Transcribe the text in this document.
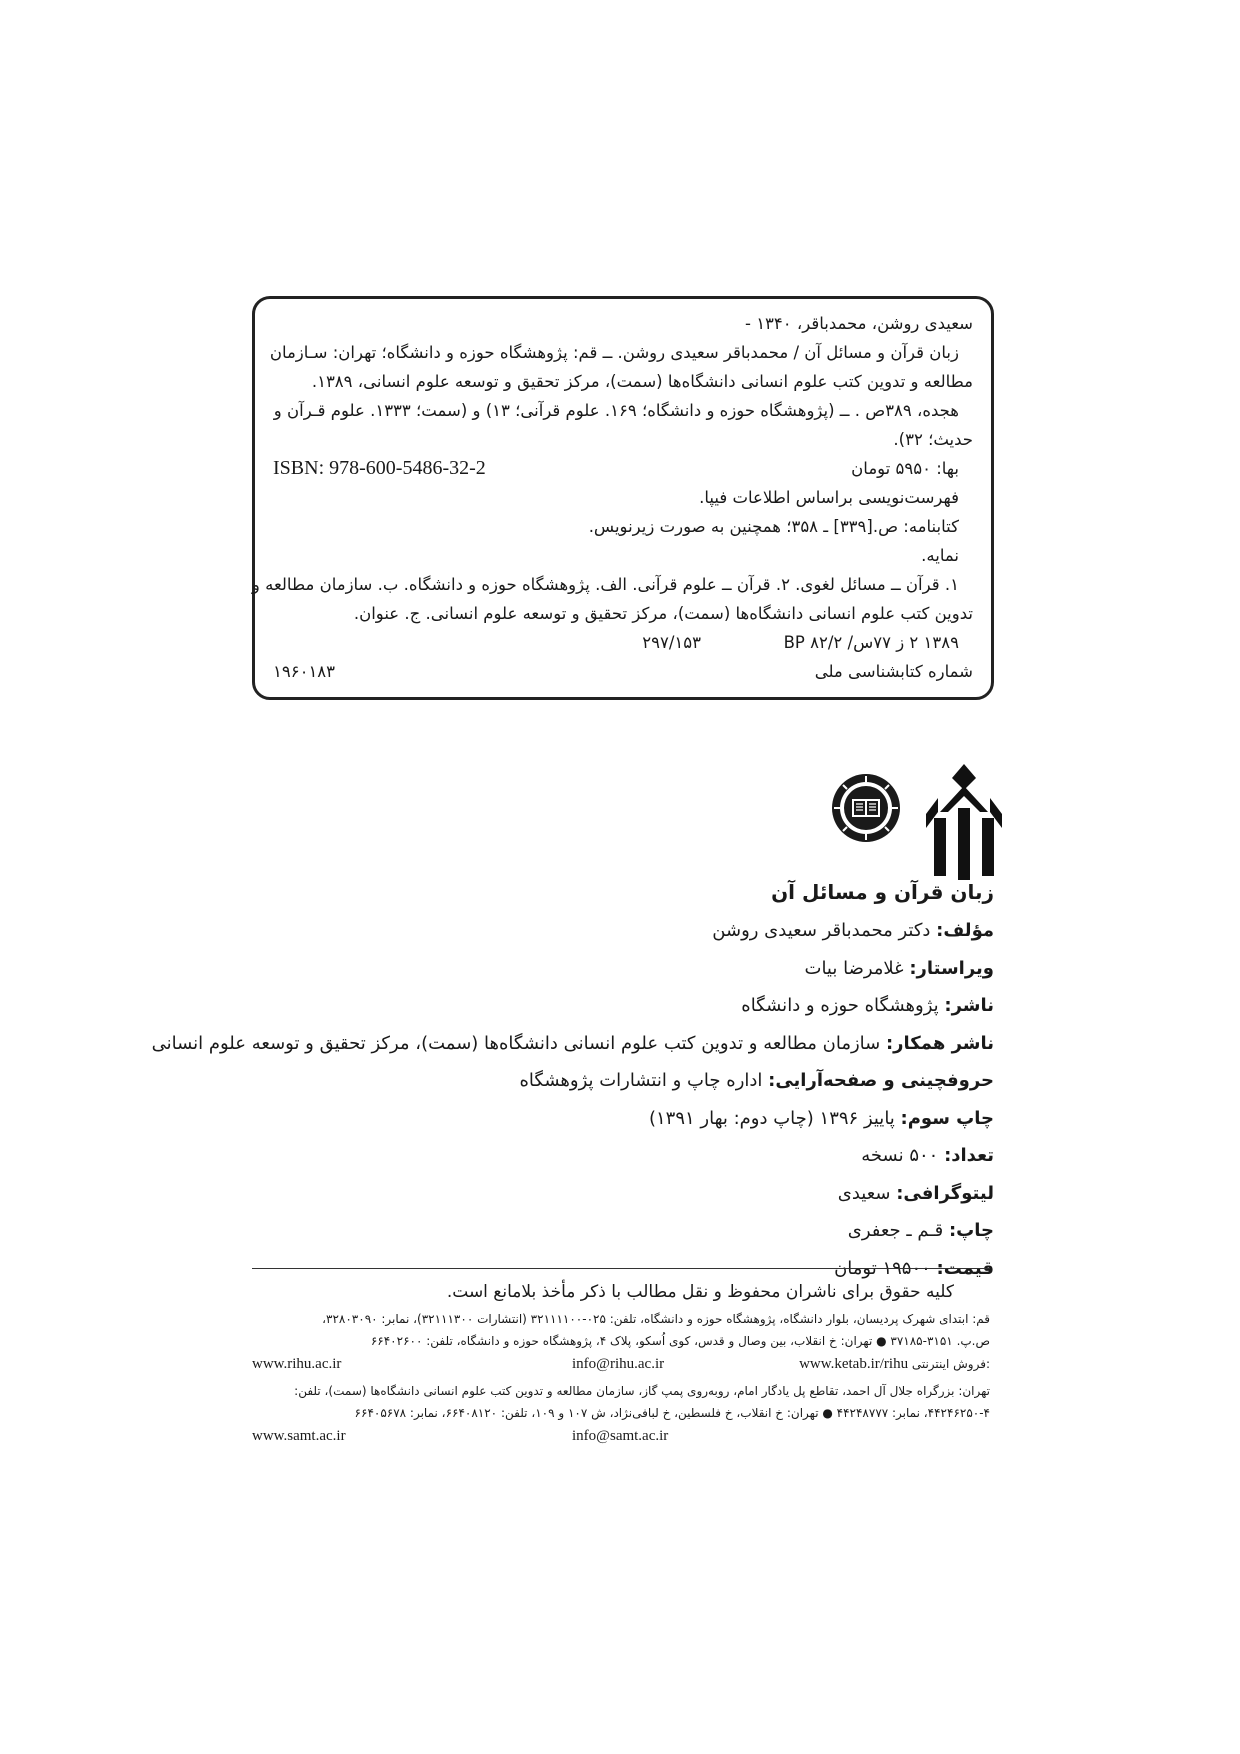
سعیدی روشن، محمدباقر، ۱۳۴۰ -

زبان قرآن و مسائل آن / محمدباقر سعیدی روشن. ــ قم: پژوهشگاه حوزه و دانشگاه؛ تهران: سـازمان

مطالعه و تدوین کتب علوم انسانی دانشگاه‌ها (سمت)، مرکز تحقیق و توسعه علوم انسانی، ۱۳۸۹.

هجده، ۳۸۹ص . ــ (پژوهشگاه حوزه و دانشگاه؛ ۱۶۹. علوم قرآنی؛ ۱۳) و (سمت؛ ۱۳۳۳. علوم قـرآن و

حدیث؛ ۳۲).

بها: ۵۹۵۰ تومان
ISBN: 978-600-5486-32-2

فهرست‌نویسی براساس اطلاعات فیپا.

کتابنامه: ص.[۳۳۹] ـ ۳۵۸؛ همچنین به صورت زیرنویس.

نمایه.

۱. قرآن ــ مسائل لغوی. ۲. قرآن ــ علوم قرآنی. الف. پژوهشگاه حوزه و دانشگاه. ب. سازمان مطالعه و

تدوین کتب علوم انسانی دانشگاه‌ها (سمت)، مرکز تحقیق و توسعه علوم انسانی. ج. عنوان.

۱۳۸۹ ۲ ز ۷۷س/ BP ۸۲/۲
۲۹۷/۱۵۳
شماره کتابشناسی ملی
۱۹۶۰۱۸۳
زبان قرآن و مسائل آن
مؤلف: دکتر محمدباقر سعیدی روشن
ویراستار: غلامرضا بیات
ناشر: پژوهشگاه حوزه و دانشگاه
ناشر همکار: سازمان مطالعه و تدوین کتب علوم انسانی دانشگاه‌ها (سمت)، مرکز تحقیق و توسعه علوم انسانی
حروفچینی و صفحه‌آرایی: اداره چاپ و انتشارات پژوهشگاه
چاپ سوم: پاییز ۱۳۹۶ (چاپ دوم: بهار ۱۳۹۱)
تعداد: ۵۰۰ نسخه
لیتوگرافی: سعیدی
چاپ: قـم ـ جعفری
قیمت: ۱۹۵۰۰ تومان
کلیه حقوق برای ناشران محفوظ و نقل مطالب با ذکر مأخذ بلامانع است.
قم: ابتدای شهرک پردیسان، بلوار دانشگاه، پژوهشگاه حوزه و دانشگاه، تلفن: ۰۲۵-۳۲۱۱۱۱۰۰ (انتشارات ۳۲۱۱۱۳۰۰)، نمابر: ۳۲۸۰۳۰۹۰،
ص.پ. ۳۱۵۱-۳۷۱۸۵ ● تهران: خ انقلاب، بین وصال و قدس، کوی اُسکو، پلاک ۴، پژوهشگاه حوزه و دانشگاه، تلفن: ۶۶۴۰۲۶۰۰
www.rihu.ac.ir	info@rihu.ac.ir	www.ketab.ir/rihu فروش اینترنتی:
تهران: بزرگراه جلال آل احمد، تقاطع پل یادگار امام، روبه‌روی پمپ گاز، سازمان مطالعه و تدوین کتب علوم انسانی دانشگاه‌ها (سمت)، تلفن:
۴۴۲۴۶۲۵۰-۴، نمابر: ۴۴۲۴۸۷۷۷ ● تهران: خ انقلاب، خ فلسطین، خ لبافی‌نژاد، ش ۱۰۷ و ۱۰۹، تلفن: ۶۶۴۰۸۱۲۰، نمابر: ۶۶۴۰۵۶۷۸
www.samt.ac.ir	info@samt.ac.ir
